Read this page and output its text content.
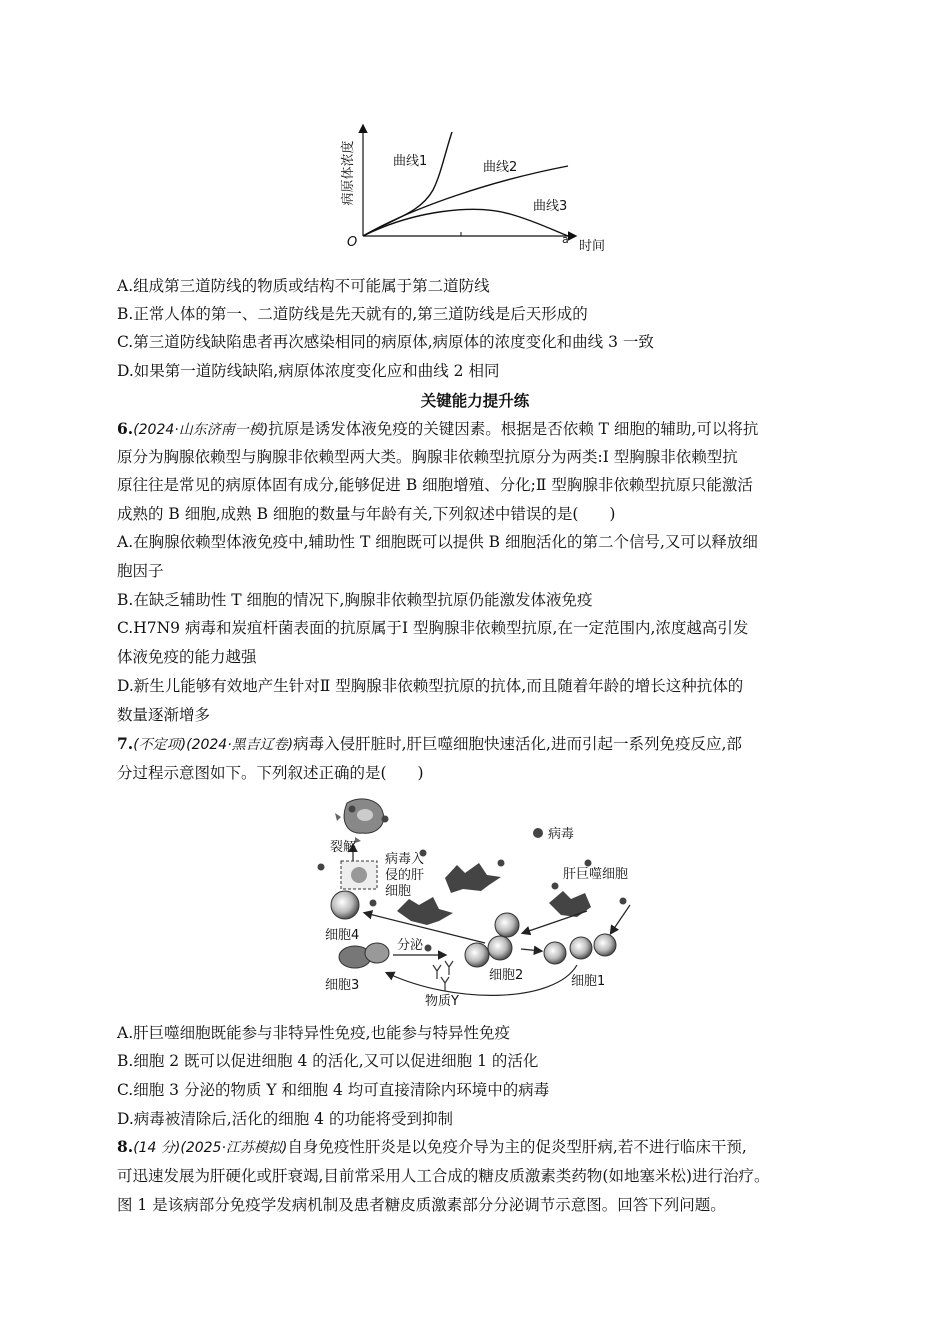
病原体浓度
O	时间
a
曲线1	曲线2
曲线3
A.组成第三道防线的物质或结构不可能属于第二道防线
B.正常人体的第一、二道防线是先天就有的,第三道防线是后天形成的
C.第三道防线缺陷患者再次感染相同的病原体,病原体的浓度变化和曲线 3 一致
D.如果第一道防线缺陷,病原体浓度变化应和曲线 2 相同
关键能力提升练
6.(2024·山东济南一模)抗原是诱发体液免疫的关键因素。根据是否依赖 T 细胞的辅助,可以将抗
原分为胸腺依赖型与胸腺非依赖型两大类。胸腺非依赖型抗原分为两类:Ⅰ 型胸腺非依赖型抗
原往往是常见的病原体固有成分,能够促进 B 细胞增殖、分化;Ⅱ 型胸腺非依赖型抗原只能激活
成熟的 B 细胞,成熟 B 细胞的数量与年龄有关,下列叙述中错误的是(　　)
A.在胸腺依赖型体液免疫中,辅助性 T 细胞既可以提供 B 细胞活化的第二个信号,又可以释放细
胞因子
B.在缺乏辅助性 T 细胞的情况下,胸腺非依赖型抗原仍能激发体液免疫
C.H7N9 病毒和炭疽杆菌表面的抗原属于Ⅰ 型胸腺非依赖型抗原,在一定范围内,浓度越高引发
体液免疫的能力越强
D.新生儿能够有效地产生针对Ⅱ 型胸腺非依赖型抗原的抗体,而且随着年龄的增长这种抗体的
数量逐渐增多
7.(不定项)(2024·黑吉辽卷)病毒入侵肝脏时,肝巨噬细胞快速活化,进而引起一系列免疫反应,部
分过程示意图如下。下列叙述正确的是(　　)
病毒
裂解
病毒入
侵的肝
细胞
肝巨噬细胞
细胞4
细胞2	细胞1
细胞3
分泌
物质Y
A.肝巨噬细胞既能参与非特异性免疫,也能参与特异性免疫
B.细胞 2 既可以促进细胞 4 的活化,又可以促进细胞 1 的活化
C.细胞 3 分泌的物质 Y 和细胞 4 均可直接清除内环境中的病毒
D.病毒被清除后,活化的细胞 4 的功能将受到抑制
8.(14 分)(2025·江苏模拟)自身免疫性肝炎是以免疫介导为主的促炎型肝病,若不进行临床干预,
可迅速发展为肝硬化或肝衰竭,目前常采用人工合成的糖皮质激素类药物(如地塞米松)进行治疗。
图 1 是该病部分免疫学发病机制及患者糖皮质激素部分分泌调节示意图。回答下列问题。
